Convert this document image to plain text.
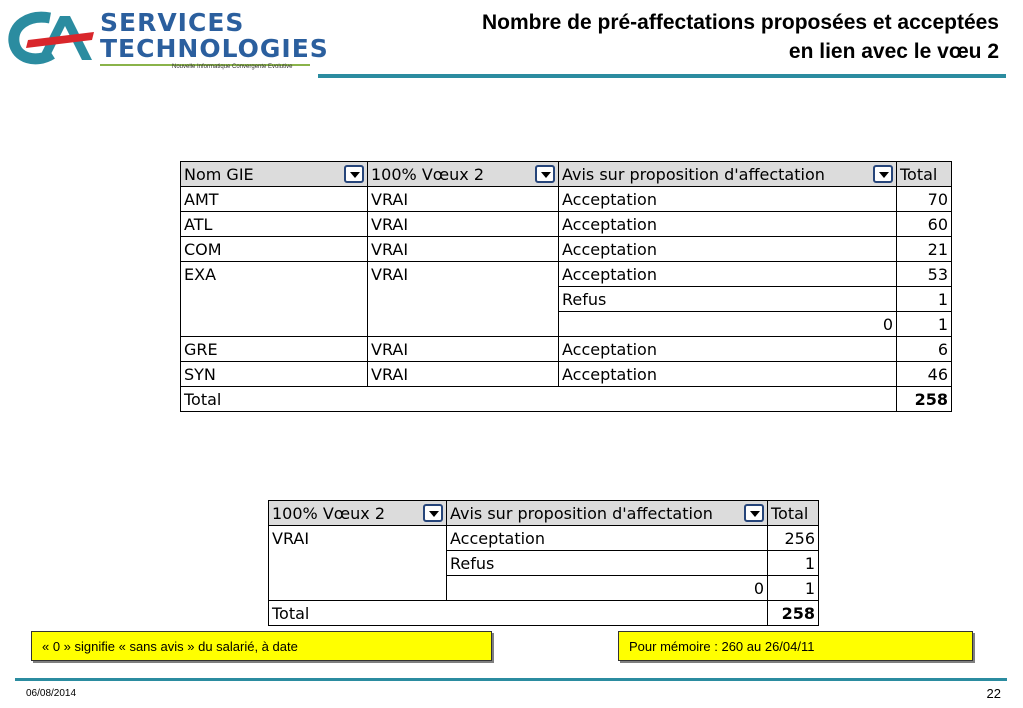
SERVICES
TECHNOLOGIES
Nouvelle Informatique Convergente Evolutive
Nombre de pré-affectations proposées et acceptées
en lien avec le vœu 2
Nom GIE	100% Vœux 2	Avis sur proposition d'affectation	Total
AMT	VRAI	Acceptation	70
ATL	VRAI	Acceptation	60
COM	VRAI	Acceptation	21
EXA	VRAI	Acceptation	53
		Refus	1
		0	1
GRE	VRAI	Acceptation	6
SYN	VRAI	Acceptation	46
Total			258
100% Vœux 2	Avis sur proposition d'affectation	Total
VRAI	Acceptation	256
	Refus	1
	0	1
Total		258
« 0 » signifie « sans avis » du salarié, à date	Pour mémoire : 260 au 26/04/11
06/08/2014	22
